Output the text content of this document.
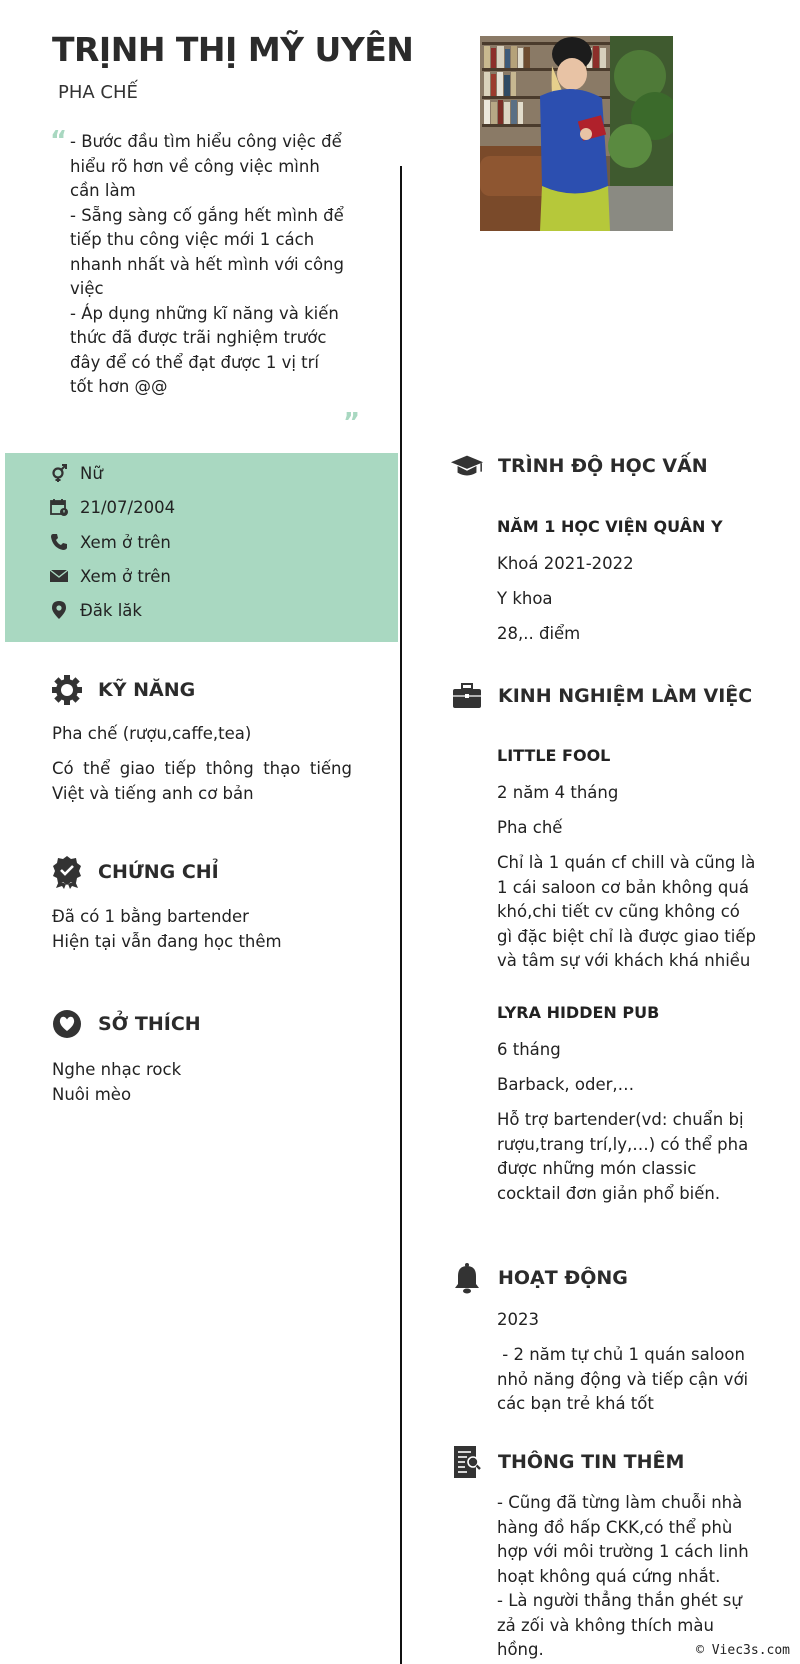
TRỊNH THỊ MỸ UYÊN
PHA CHẾ
“ - Bước đầu tìm hiểu công việc để hiểu rõ hơn về công việc mình cần làm
- Sẵng sàng cố gắng hết mình để tiếp thu công việc mới 1 cách nhanh nhất và hết mình với công việc
- Áp dụng những kĩ năng và kiến thức đã được trãi nghiệm trước đây để có thể đạt được 1 vị trí tốt hơn @@
”
Nữ
21/07/2004
Xem ở trên
Xem ở trên
Đăk lăk
KỸ NĂNG
Pha chế (rượu,caffe,tea)
Có thể giao tiếp thông thạo tiếng Việt và tiếng anh cơ bản
CHỨNG CHỈ
Đã có 1 bằng bartender
Hiện tại vẫn đang học thêm
SỞ THÍCH
Nghe nhạc rock
Nuôi mèo
TRÌNH ĐỘ HỌC VẤN
NĂM 1 HỌC VIỆN QUÂN Y
Khoá 2021-2022
Y khoa
28,.. điểm
KINH NGHIỆM LÀM VIỆC
LITTLE FOOL
2 năm 4 tháng
Pha chế
Chỉ là 1 quán cf chill và cũng là 1 cái saloon cơ bản không quá khó,chi tiết cv cũng không có gì đặc biệt chỉ là được giao tiếp và tâm sự với khách khá nhiều
LYRA HIDDEN PUB
6 tháng
Barback, oder,…
Hỗ trợ bartender(vd: chuẩn bị rượu,trang trí,ly,…) có thể pha được những món classic cocktail đơn giản phổ biến.
HOẠT ĐỘNG
2023
- 2 năm tự chủ 1 quán saloon nhỏ năng động và tiếp cận với các bạn trẻ khá tốt
THÔNG TIN THÊM
- Cũng đã từng làm chuỗi nhà hàng đồ hấp CKK,có thể phù hợp với môi trường 1 cách linh hoạt không quá cứng nhắt.
- Là người thẳng thắn ghét sự zả zối và không thích màu hồng.	© Viec3s.com
